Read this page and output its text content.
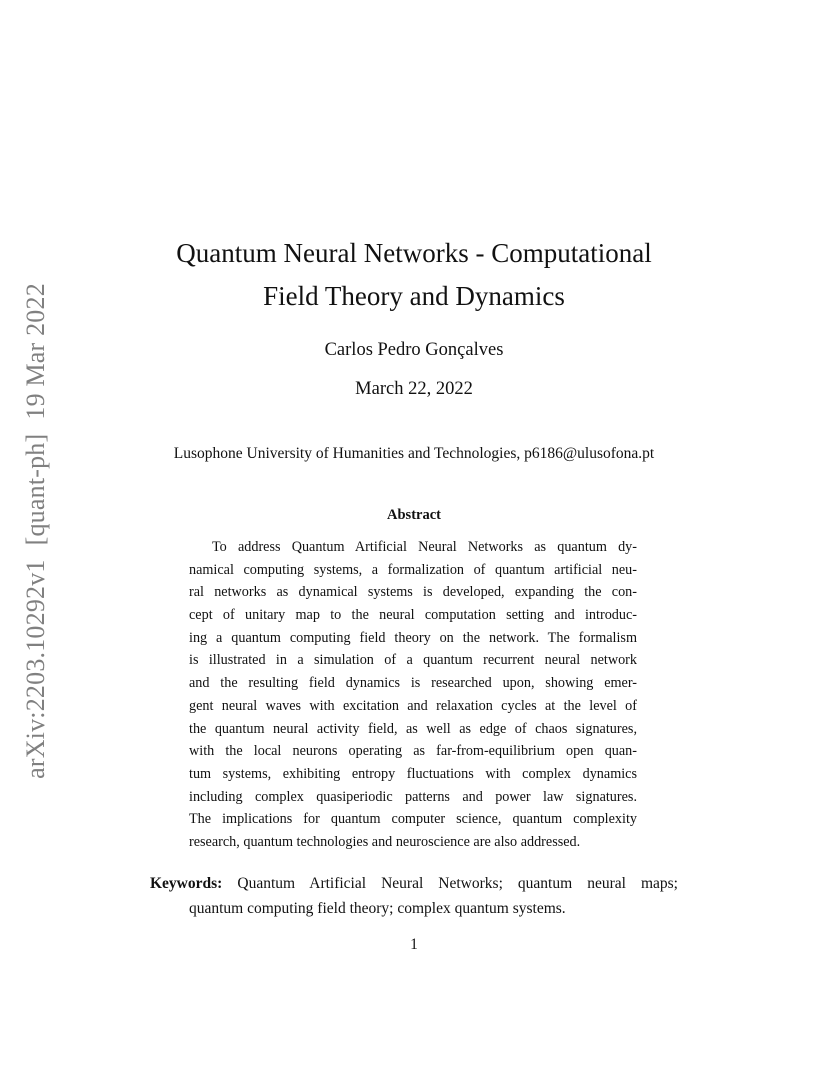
arXiv:2203.10292v1[quant-ph]19 Mar 2022
Quantum Neural Networks - Computational
Field Theory and Dynamics
Carlos Pedro Gonçalves
March 22, 2022
Lusophone University of Humanities and Technologies, p6186@ulusofona.pt
Abstract
To address Quantum Artificial Neural Networks as quantum dy-
namical computing systems, a formalization of quantum artificial neu-
ral networks as dynamical systems is developed, expanding the con-
cept of unitary map to the neural computation setting and introduc-
ing a quantum computing field theory on the network. The formalism
is illustrated in a simulation of a quantum recurrent neural network
and the resulting field dynamics is researched upon, showing emer-
gent neural waves with excitation and relaxation cycles at the level of
the quantum neural activity field, as well as edge of chaos signatures,
with the local neurons operating as far-from-equilibrium open quan-
tum systems, exhibiting entropy fluctuations with complex dynamics
including complex quasiperiodic patterns and power law signatures.
The implications for quantum computer science, quantum complexity
research, quantum technologies and neuroscience are also addressed.
Keywords: Quantum Artificial Neural Networks; quantum neural maps;
quantum computing field theory; complex quantum systems.
1
